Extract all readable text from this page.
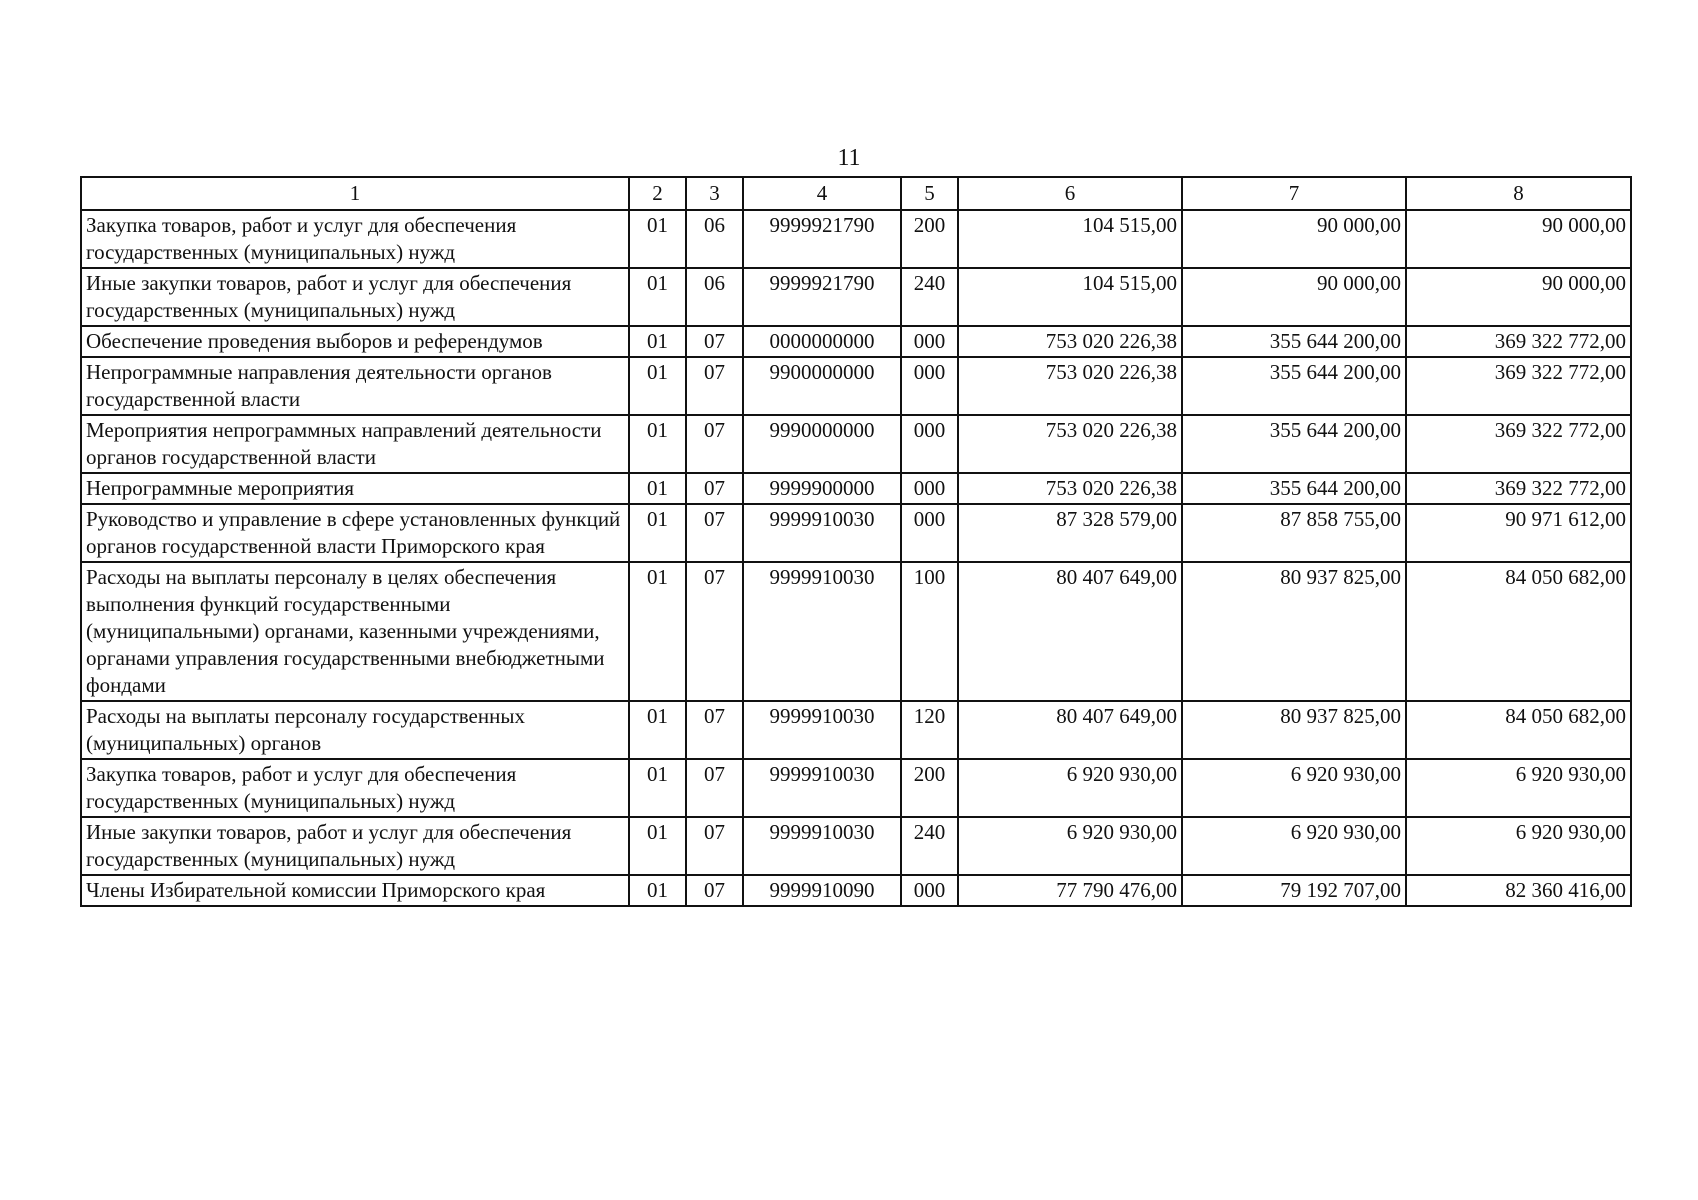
11
1	2	3	4	5	6	7	8
Закупка товаров, работ и услуг для обеспечения государственных (муниципальных) нужд	01	06	9999921790	200	104 515,00	90 000,00	90 000,00
Иные закупки товаров, работ и услуг для обеспечения государственных (муниципальных) нужд	01	06	9999921790	240	104 515,00	90 000,00	90 000,00
Обеспечение проведения выборов и референдумов	01	07	0000000000	000	753 020 226,38	355 644 200,00	369 322 772,00
Непрограммные направления деятельности органов государственной власти	01	07	9900000000	000	753 020 226,38	355 644 200,00	369 322 772,00
Мероприятия непрограммных направлений деятельности органов государственной власти	01	07	9990000000	000	753 020 226,38	355 644 200,00	369 322 772,00
Непрограммные мероприятия	01	07	9999900000	000	753 020 226,38	355 644 200,00	369 322 772,00
Руководство и управление в сфере установленных функций органов государственной власти Приморского края	01	07	9999910030	000	87 328 579,00	87 858 755,00	90 971 612,00
Расходы на выплаты персоналу в целях обеспечения выполнения функций государственными (муниципальными) органами, казенными учреждениями, органами управления государственными внебюджетными фондами	01	07	9999910030	100	80 407 649,00	80 937 825,00	84 050 682,00
Расходы на выплаты персоналу государственных (муниципальных) органов	01	07	9999910030	120	80 407 649,00	80 937 825,00	84 050 682,00
Закупка товаров, работ и услуг для обеспечения государственных (муниципальных) нужд	01	07	9999910030	200	6 920 930,00	6 920 930,00	6 920 930,00
Иные закупки товаров, работ и услуг для обеспечения государственных (муниципальных) нужд	01	07	9999910030	240	6 920 930,00	6 920 930,00	6 920 930,00
Члены Избирательной комиссии Приморского края	01	07	9999910090	000	77 790 476,00	79 192 707,00	82 360 416,00
